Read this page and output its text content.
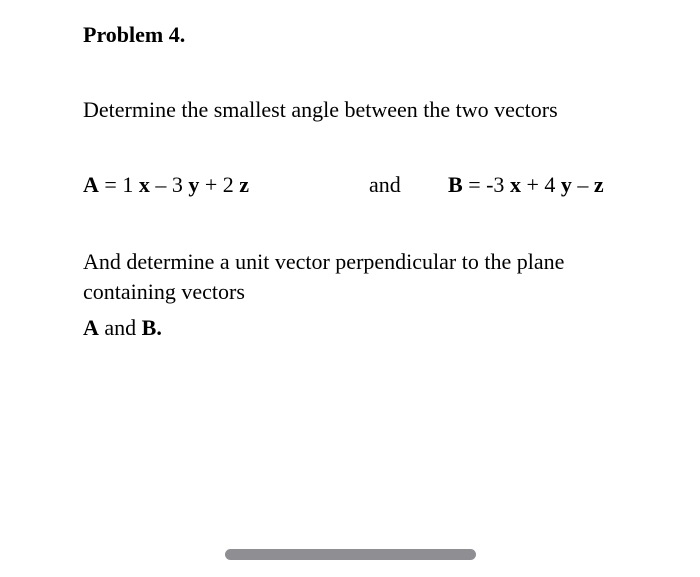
Problem 4.
Determine the smallest angle between the two vectors
A = 1 x – 3 y + 2 z	and B = -3 x + 4 y – z
And determine a unit vector perpendicular to the plane
containing vectors
A and B.
